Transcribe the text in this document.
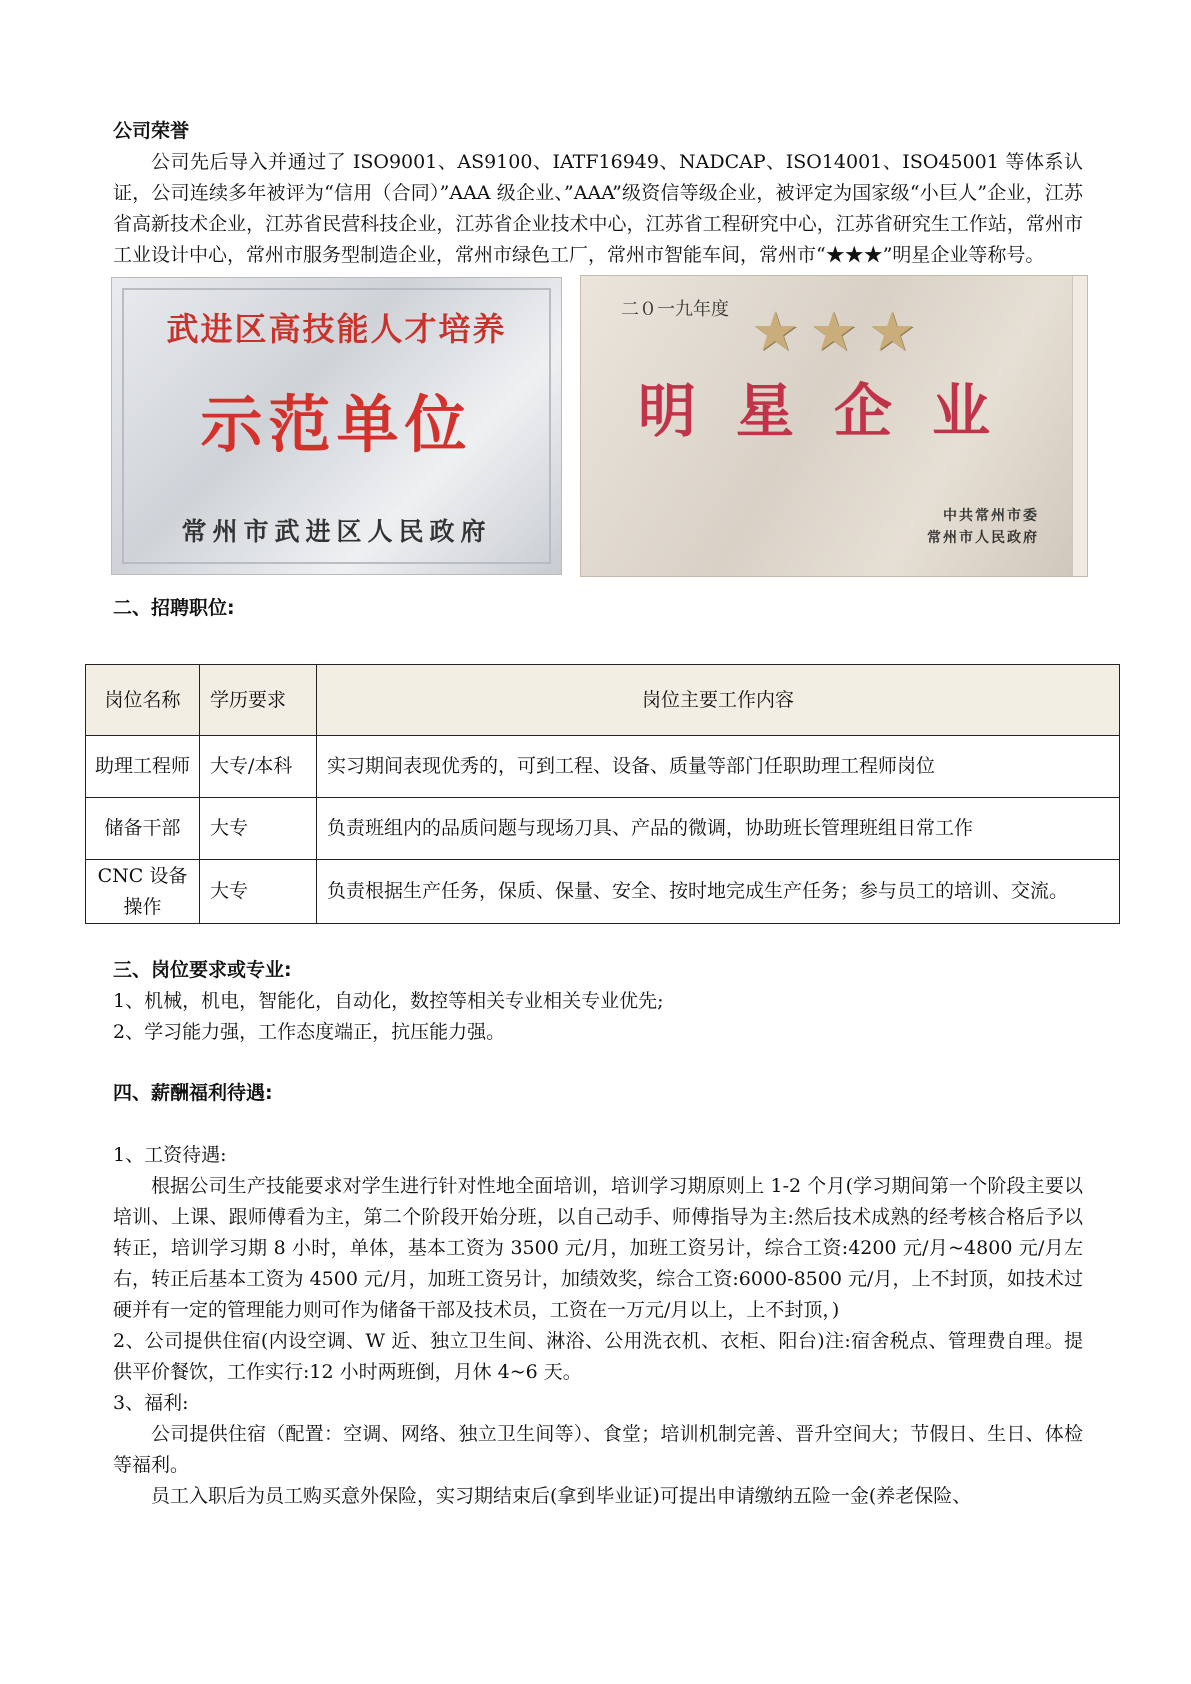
公司荣誉

公司先后导入并通过了 ISO9001、AS9100、IATF16949、NADCAP、ISO14001、ISO45001 等体系认证，公司连续多年被评为“信用（合同）”AAA 级企业、”AAA”级资信等级企业，被评定为国家级“小巨人”企业，江苏省高新技术企业，江苏省民营科技企业，江苏省企业技术中心，江苏省工程研究中心，江苏省研究生工作站，常州市工业设计中心，常州市服务型制造企业，常州市绿色工厂，常州市智能车间，常州市“★★★”明星企业等称号。

武进区高技能人才培养
示范单位
常州市武进区人民政府
二０一九年度 ★★★
明星企业
中共常州市委
常州市人民政府
二、招聘职位:
岗位名称	学历要求	岗位主要工作内容
助理工程师	大专/本科	实习期间表现优秀的，可到工程、设备、质量等部门任职助理工程师岗位
储备干部	大专	负责班组内的品质问题与现场刀具、产品的微调，协助班长管理班组日常工作
CNC 设备操作	大专	负责根据生产任务，保质、保量、安全、按时地完成生产任务；参与员工的培训、交流。
三、岗位要求或专业:

1、机械，机电，智能化，自动化，数控等相关专业相关专业优先;

2、学习能力强，工作态度端正，抗压能力强。

四、薪酬福利待遇:

1、工资待遇:

根据公司生产技能要求对学生进行针对性地全面培训，培训学习期原则上 1-2 个月(学习期间第一个阶段主要以培训、上课、跟师傅看为主，第二个阶段开始分班，以自己动手、师傅指导为主:然后技术成熟的经考核合格后予以转正，培训学习期 8 小时，单体，基本工资为 3500 元/月，加班工资另计，综合工资:4200 元/月~4800 元/月左右，转正后基本工资为 4500 元/月，加班工资另计，加绩效奖，综合工资:6000-8500 元/月，上不封顶，如技术过硬并有一定的管理能力则可作为储备干部及技术员，工资在一万元/月以上，上不封顶，)

2、公司提供住宿(内设空调、W 近、独立卫生间、淋浴、公用洗衣机、衣柜、阳台)注:宿舍税点、管理费自理。提供平价餐饮，工作实行:12 小时两班倒，月休 4~6 天。

3、福利:

公司提供住宿（配置：空调、网络、独立卫生间等）、食堂；培训机制完善、晋升空间大；节假日、生日、体检等福利。

员工入职后为员工购买意外保险，实习期结束后(拿到毕业证)可提出申请缴纳五险一金(养老保险、
